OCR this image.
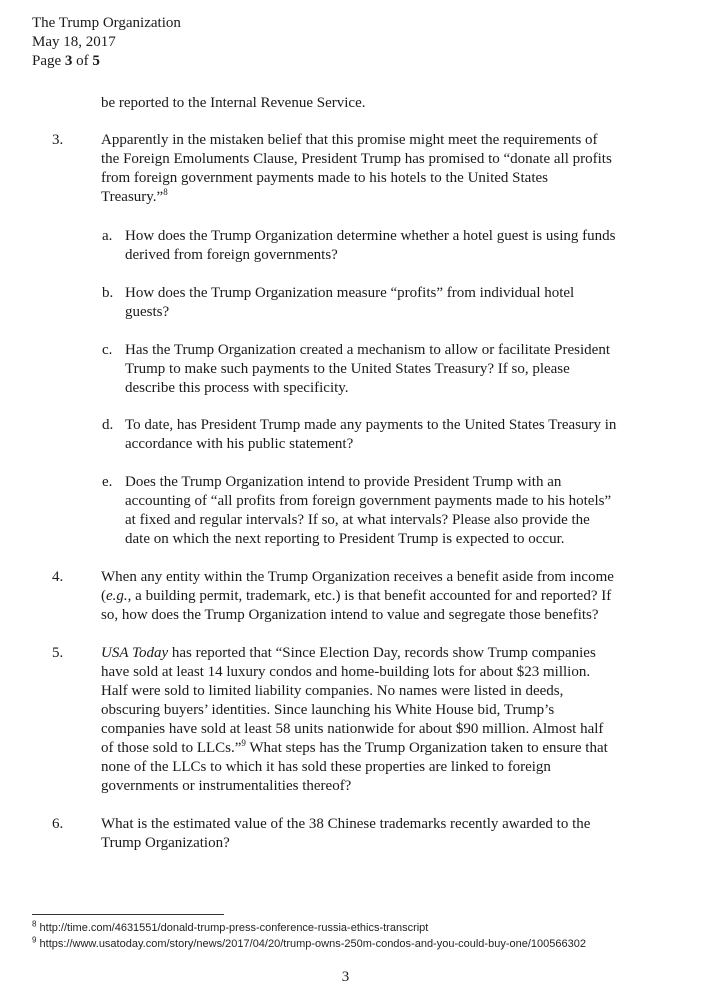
The Trump Organization
May 18, 2017
Page 3 of 5
be reported to the Internal Revenue Service.
3.	Apparently in the mistaken belief that this promise might meet the requirements of
the Foreign Emoluments Clause, President Trump has promised to “donate all profits
from foreign government payments made to his hotels to the United States
Treasury.”$^8$
a. How does the Trump Organization determine whether a hotel guest is using funds
derived from foreign governments?
b. How does the Trump Organization measure “profits” from individual hotel
guests?
c. Has the Trump Organization created a mechanism to allow or facilitate President
Trump to make such payments to the United States Treasury? If so, please
describe this process with specificity.
d. To date, has President Trump made any payments to the United States Treasury in
accordance with his public statement?
e. Does the Trump Organization intend to provide President Trump with an
accounting of “all profits from foreign government payments made to his hotels”
at fixed and regular intervals? If so, at what intervals? Please also provide the
date on which the next reporting to President Trump is expected to occur.
4.	When any entity within the Trump Organization receives a benefit aside from income
(e.g., a building permit, trademark, etc.) is that benefit accounted for and reported? If
so, how does the Trump Organization intend to value and segregate those benefits?
5.	USA Today has reported that “Since Election Day, records show Trump companies
have sold at least 14 luxury condos and home-building lots for about $23 million.
Half were sold to limited liability companies. No names were listed in deeds,
obscuring buyers’ identities. Since launching his White House bid, Trump’s
companies have sold at least 58 units nationwide for about $90 million. Almost half
of those sold to LLCs.”$^9$ What steps has the Trump Organization taken to ensure that
none of the LLCs to which it has sold these properties are linked to foreign
governments or instrumentalities thereof?
6.	What is the estimated value of the 38 Chinese trademarks recently awarded to the
Trump Organization?
$^8$ http://time.com/4631551/donald-trump-press-conference-russia-ethics-transcript
$^9$ https://www.usatoday.com/story/news/2017/04/20/trump-owns-250m-condos-and-you-could-buy-one/100566302
3
